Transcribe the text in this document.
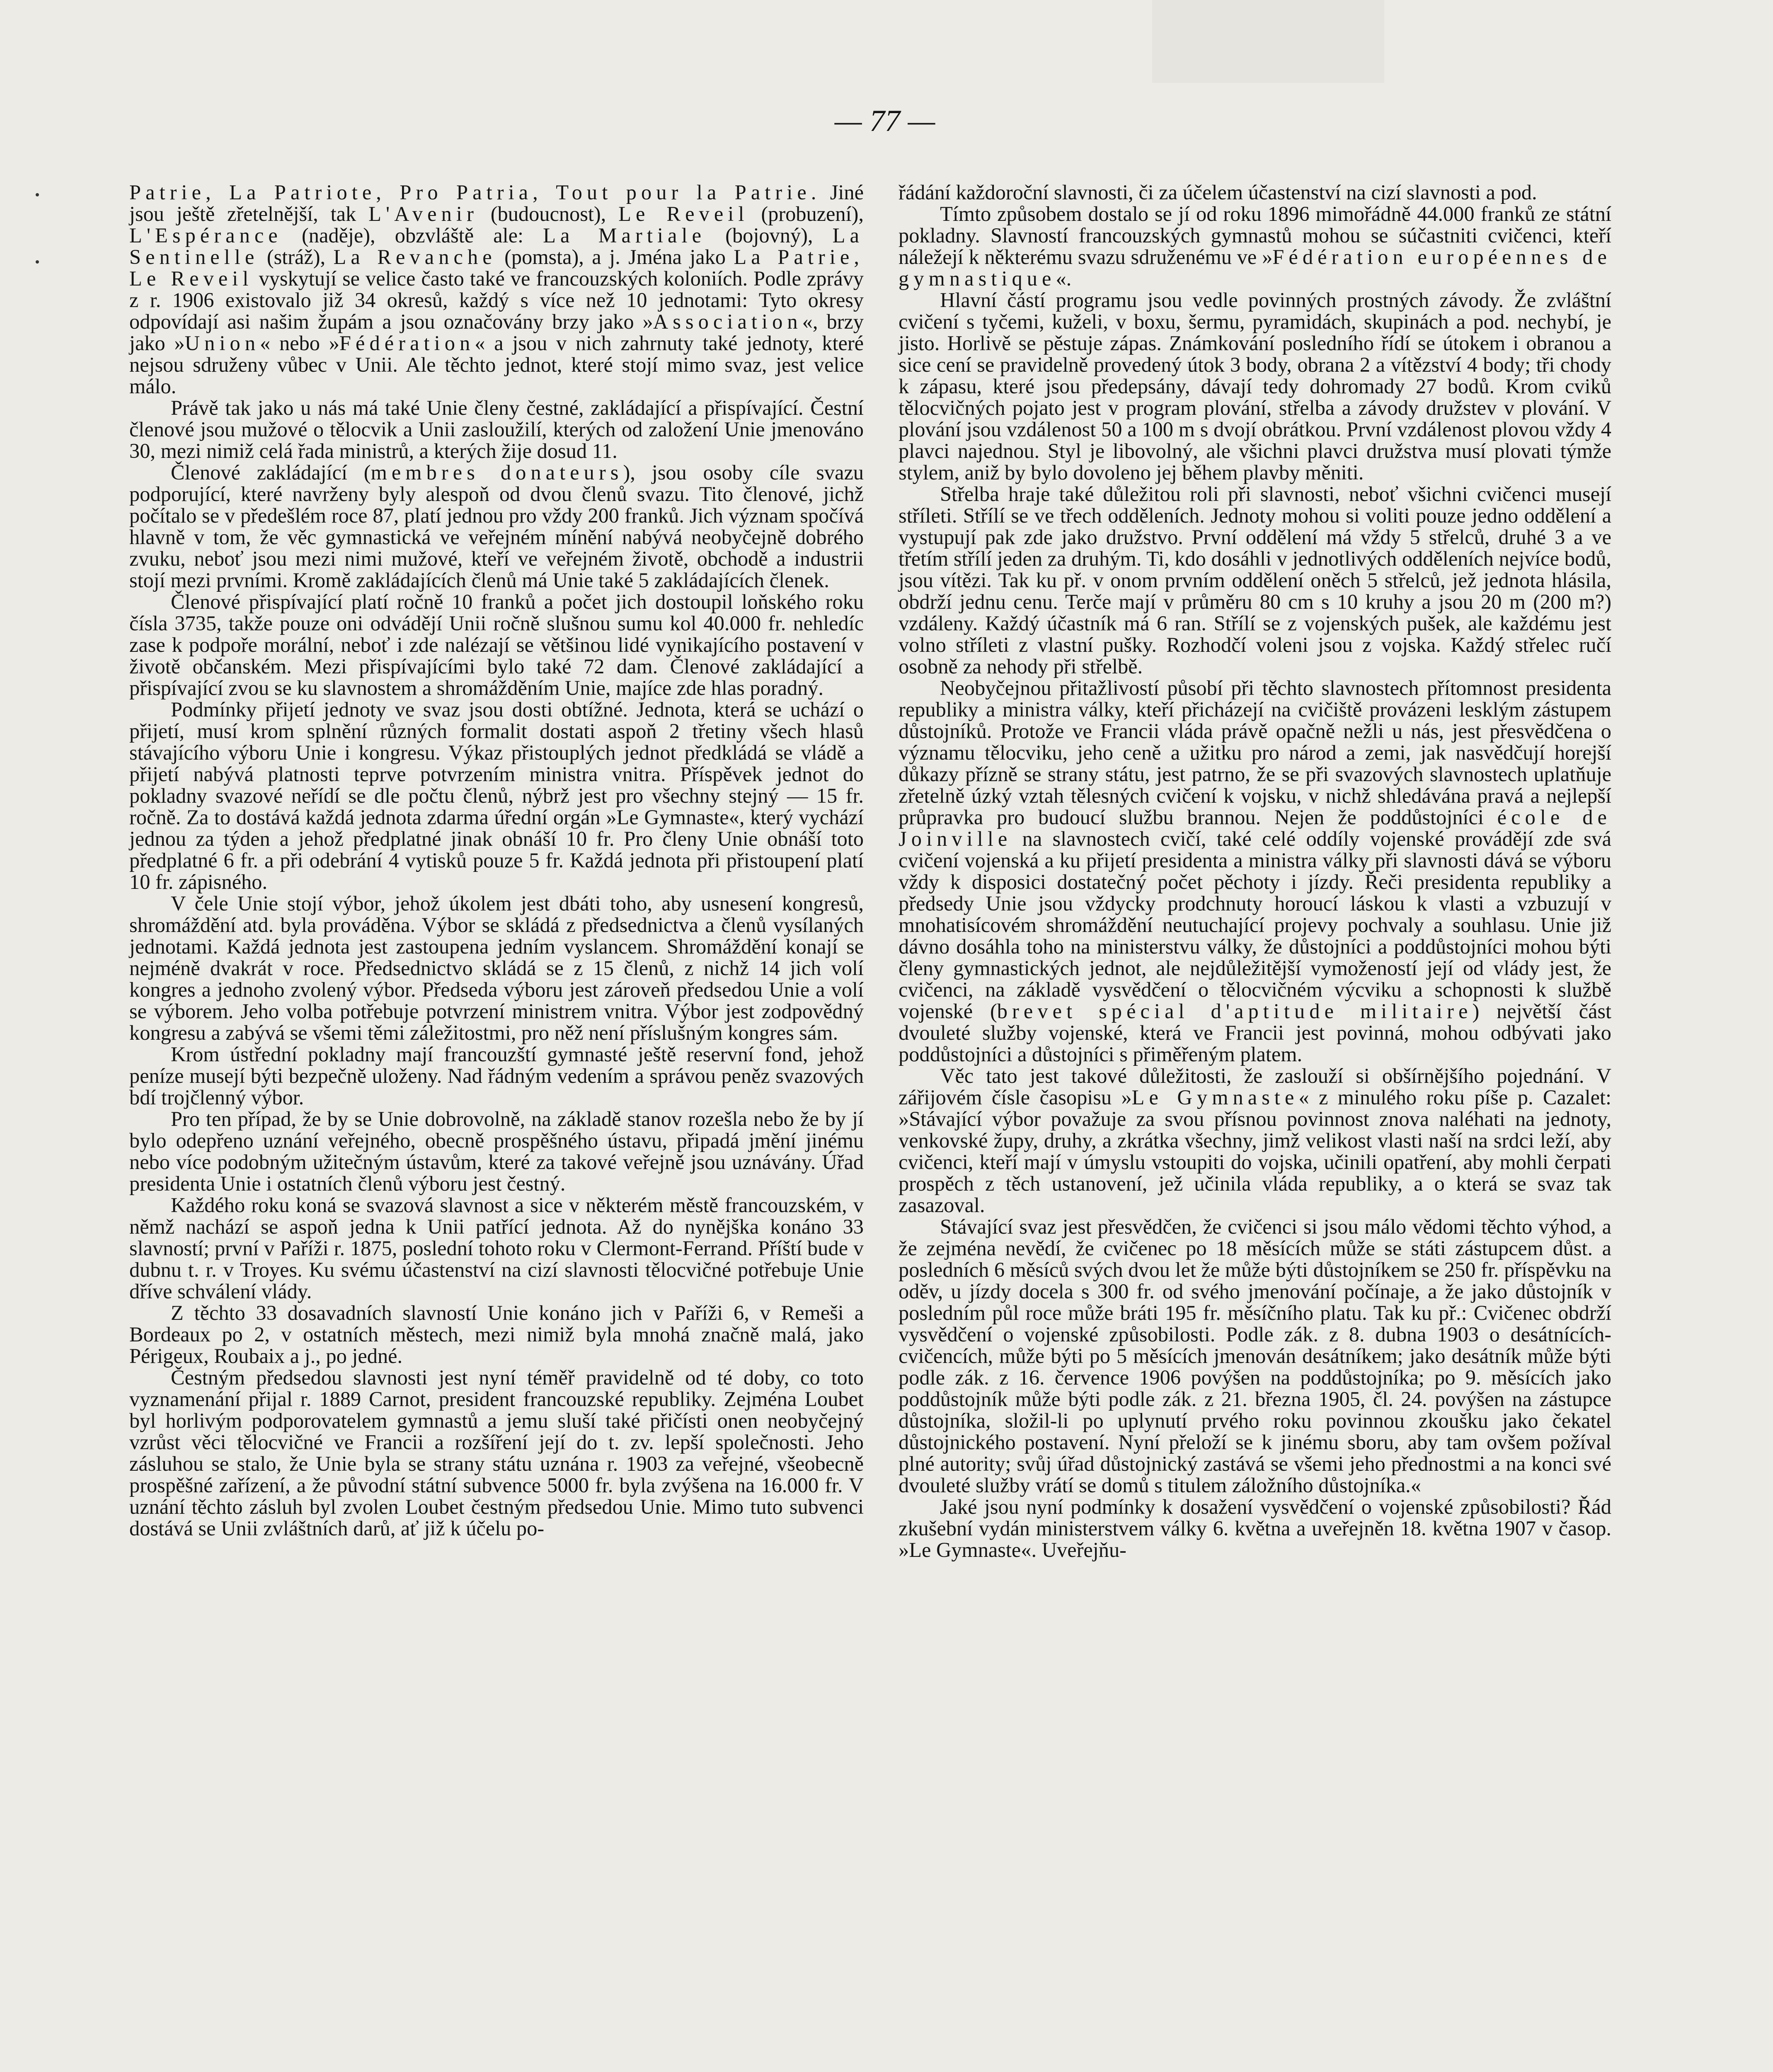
— 77 —

Patrie, La Patriote, Pro Patria, Tout pour la Patrie. Jiné jsou ještě zřetelnější, tak L'Avenir (budoucnost), Le Reveil (probuzení), L'Espérance (naděje), obzvláště ale: La Martiale (bojovný), La Sentinelle (stráž), La Revanche (pomsta), a j. Jména jako La Patrie, Le Reveil vyskytují se velice často také ve francouzských koloniích. Podle zprávy z r. 1906 existovalo již 34 okresů, každý s více než 10 jednotami: Tyto okresy odpovídají asi našim župám a jsou označovány brzy jako »Association«, brzy jako »Union« nebo »Fédération« a jsou v nich zahrnuty také jednoty, které nejsou sdruženy vůbec v Unii. Ale těchto jednot, které stojí mimo svaz, jest velice málo.

Právě tak jako u nás má také Unie členy čestné, zakládající a přispívající. Čestní členové jsou mužové o tělocvik a Unii zasloužilí, kterých od založení Unie jmenováno 30, mezi nimiž celá řada ministrů, a kterých žije dosud 11.

Členové zakládající (membres donateurs), jsou osoby cíle svazu podporující, které navrženy byly alespoň od dvou členů svazu. Tito členové, jichž počítalo se v předešlém roce 87, platí jednou pro vždy 200 franků. Jich význam spočívá hlavně v tom, že věc gymnastická ve veřejném mínění nabývá neobyčejně dobrého zvuku, neboť jsou mezi nimi mužové, kteří ve veřejném životě, obchodě a industrii stojí mezi prvními. Kromě zakládajících členů má Unie také 5 zakládajících členek.

Členové přispívající platí ročně 10 franků a počet jich dostoupil loňského roku čísla 3735, takže pouze oni odvádějí Unii ročně slušnou sumu kol 40.000 fr. nehledíc zase k podpoře morální, neboť i zde nalézají se většinou lidé vynikajícího postavení v životě občanském. Mezi přispívajícími bylo také 72 dam. Členové zakládající a přispívající zvou se ku slavnostem a shromážděním Unie, majíce zde hlas poradný.

Podmínky přijetí jednoty ve svaz jsou dosti obtížné. Jednota, která se uchází o přijetí, musí krom splnění různých formalit dostati aspoň 2 třetiny všech hlasů stávajícího výboru Unie i kongresu. Výkaz přistouplých jednot předkládá se vládě a přijetí nabývá platnosti teprve potvrzením ministra vnitra. Příspěvek jednot do pokladny svazové neřídí se dle počtu členů, nýbrž jest pro všechny stejný — 15 fr. ročně. Za to dostává každá jednota zdarma úřední orgán »Le Gymnaste«, který vychází jednou za týden a jehož předplatné jinak obnáší 10 fr. Pro členy Unie obnáší toto předplatné 6 fr. a při odebrání 4 vytisků pouze 5 fr. Každá jednota při přistoupení platí 10 fr. zápisného.

V čele Unie stojí výbor, jehož úkolem jest dbáti toho, aby usnesení kongresů, shromáždění atd. byla prováděna. Výbor se skládá z předsednictva a členů vysílaných jednotami. Každá jednota jest zastoupena jedním vyslancem. Shromáždění konají se nejméně dvakrát v roce. Předsednictvo skládá se z 15 členů, z nichž 14 jich volí kongres a jednoho zvolený výbor. Předseda výboru jest zároveň předsedou Unie a volí se výborem. Jeho volba potřebuje potvrzení ministrem vnitra. Výbor jest zodpovědný kongresu a zabývá se všemi těmi záležitostmi, pro něž není příslušným kongres sám.

Krom ústřední pokladny mají francouzští gymnasté ještě reservní fond, jehož peníze musejí býti bezpečně uloženy. Nad řádným vedením a správou peněz svazových bdí trojčlenný výbor.

Pro ten případ, že by se Unie dobrovolně, na základě stanov rozešla nebo že by jí bylo odepřeno uznání veřejného, obecně prospěšného ústavu, připadá jmění jinému nebo více podobným užitečným ústavům, které za takové veřejně jsou uznávány. Úřad presidenta Unie i ostatních členů výboru jest čestný.

Každého roku koná se svazová slavnost a sice v některém městě francouzském, v němž nachází se aspoň jedna k Unii patřící jednota. Až do nynějška konáno 33 slavností; první v Paříži r. 1875, poslední tohoto roku v Clermont-Ferrand. Příští bude v dubnu t. r. v Troyes. Ku svému účastenství na cizí slavnosti tělocvičné potřebuje Unie dříve schválení vlády.

Z těchto 33 dosavadních slavností Unie konáno jich v Paříži 6, v Remeši a Bordeaux po 2, v ostatních městech, mezi nimiž byla mnohá značně malá, jako Périgeux, Roubaix a j., po jedné.

Čestným předsedou slavnosti jest nyní téměř pravidelně od té doby, co toto vyznamenání přijal r. 1889 Carnot, president francouzské republiky. Zejména Loubet byl horlivým podporovatelem gymnastů a jemu sluší také přičísti onen neobyčejný vzrůst věci tělocvičné ve Francii a rozšíření její do t. zv. lepší společnosti. Jeho zásluhou se stalo, že Unie byla se strany státu uznána r. 1903 za veřejné, všeobecně prospěšné zařízení, a že původní státní subvence 5000 fr. byla zvýšena na 16.000 fr. V uznání těchto zásluh byl zvolen Loubet čestným předsedou Unie. Mimo tuto subvenci dostává se Unii zvláštních darů, ať již k účelu po-

řádání každoroční slavnosti, či za účelem účastenství na cizí slavnosti a pod.

Tímto způsobem dostalo se jí od roku 1896 mimořádně 44.000 franků ze státní pokladny. Slavností francouzských gymnastů mohou se súčastniti cvičenci, kteří náležejí k některému svazu sdruženému ve »Fédération européennes de gymnastique«.

Hlavní částí programu jsou vedle povinných prostných závody. Že zvláštní cvičení s tyčemi, kuželi, v boxu, šermu, pyramidách, skupinách a pod. nechybí, je jisto. Horlivě se pěstuje zápas. Známkování posledního řídí se útokem i obranou a sice cení se pravidelně provedený útok 3 body, obrana 2 a vítězství 4 body; tři chody k zápasu, které jsou předepsány, dávají tedy dohromady 27 bodů. Krom cviků tělocvičných pojato jest v program plování, střelba a závody družstev v plování. V plování jsou vzdálenost 50 a 100 m s dvojí obrátkou. První vzdálenost plovou vždy 4 plavci najednou. Styl je libovolný, ale všichni plavci družstva musí plovati týmže stylem, aniž by bylo dovoleno jej během plavby měniti.

Střelba hraje také důležitou roli při slavnosti, neboť všichni cvičenci musejí stříleti. Střílí se ve třech odděleních. Jednoty mohou si voliti pouze jedno oddělení a vystupují pak zde jako družstvo. První oddělení má vždy 5 střelců, druhé 3 a ve třetím střílí jeden za druhým. Ti, kdo dosáhli v jednotlivých odděleních nejvíce bodů, jsou vítězi. Tak ku př. v onom prvním oddělení oněch 5 střelců, jež jednota hlásila, obdrží jednu cenu. Terče mají v průměru 80 cm s 10 kruhy a jsou 20 m (200 m?) vzdáleny. Každý účastník má 6 ran. Střílí se z vojenských pušek, ale každému jest volno stříleti z vlastní pušky. Rozhodčí voleni jsou z vojska. Každý střelec ručí osobně za nehody při střelbě.

Neobyčejnou přitažlivostí působí při těchto slavnostech přítomnost presidenta republiky a ministra války, kteří přicházejí na cvičiště provázeni lesklým zástupem důstojníků. Protože ve Francii vláda právě opačně nežli u nás, jest přesvědčena o významu tělocviku, jeho ceně a užitku pro národ a zemi, jak nasvědčují horejší důkazy přízně se strany státu, jest patrno, že se při svazových slavnostech uplatňuje zřetelně úzký vztah tělesných cvičení k vojsku, v nichž shledávána pravá a nejlepší průpravka pro budoucí službu brannou. Nejen že poddůstojníci école de Joinville na slavnostech cvičí, také celé oddíly vojenské provádějí zde svá cvičení vojenská a ku přijetí presidenta a ministra války při slavnosti dává se výboru vždy k disposici dostatečný počet pěchoty i jízdy. Řeči presidenta republiky a předsedy Unie jsou vždycky prodchnuty horoucí láskou k vlasti a vzbuzují v mnohatisícovém shromáždění neutuchající projevy pochvaly a souhlasu. Unie již dávno dosáhla toho na ministerstvu války, že důstojníci a poddůstojníci mohou býti členy gymnastických jednot, ale nejdůležitější vymožeností její od vlády jest, že cvičenci, na základě vysvědčení o tělocvičném výcviku a schopnosti k službě vojenské (brevet spécial d'aptitude militaire) největší část dvouleté služby vojenské, která ve Francii jest povinná, mohou odbývati jako poddůstojníci a důstojníci s přiměřeným platem.

Věc tato jest takové důležitosti, že zaslouží si obšírnějšího pojednání. V zářijovém čísle časopisu »Le Gymnaste« z minulého roku píše p. Cazalet: »Stávající výbor považuje za svou přísnou povinnost znova naléhati na jednoty, venkovské župy, druhy, a zkrátka všechny, jimž velikost vlasti naší na srdci leží, aby cvičenci, kteří mají v úmyslu vstoupiti do vojska, učinili opatření, aby mohli čerpati prospěch z těch ustanovení, jež učinila vláda republiky, a o která se svaz tak zasazoval.

Stávající svaz jest přesvědčen, že cvičenci si jsou málo vědomi těchto výhod, a že zejména nevědí, že cvičenec po 18 měsících může se státi zástupcem důst. a posledních 6 měsíců svých dvou let že může býti důstojníkem se 250 fr. příspěvku na oděv, u jízdy docela s 300 fr. od svého jmenování počínaje, a že jako důstojník v posledním půl roce může bráti 195 fr. měsíčního platu. Tak ku př.: Cvičenec obdrží vysvědčení o vojenské způsobilosti. Podle zák. z 8. dubna 1903 o desátnících-cvičencích, může býti po 5 měsících jmenován desátníkem; jako desátník může býti podle zák. z 16. července 1906 povýšen na poddůstojníka; po 9. měsících jako poddůstojník může býti podle zák. z 21. března 1905, čl. 24. povýšen na zástupce důstojníka, složil-li po uplynutí prvého roku povinnou zkoušku jako čekatel důstojnického postavení. Nyní přeloží se k jinému sboru, aby tam ovšem požíval plné autority; svůj úřad důstojnický zastává se všemi jeho přednostmi a na konci své dvouleté služby vrátí se domů s titulem záložního důstojníka.«

Jaké jsou nyní podmínky k dosažení vysvědčení o vojenské způsobilosti? Řád zkušební vydán ministerstvem války 6. května a uveřejněn 18. května 1907 v časop. »Le Gymnaste«. Uveřejňu-
